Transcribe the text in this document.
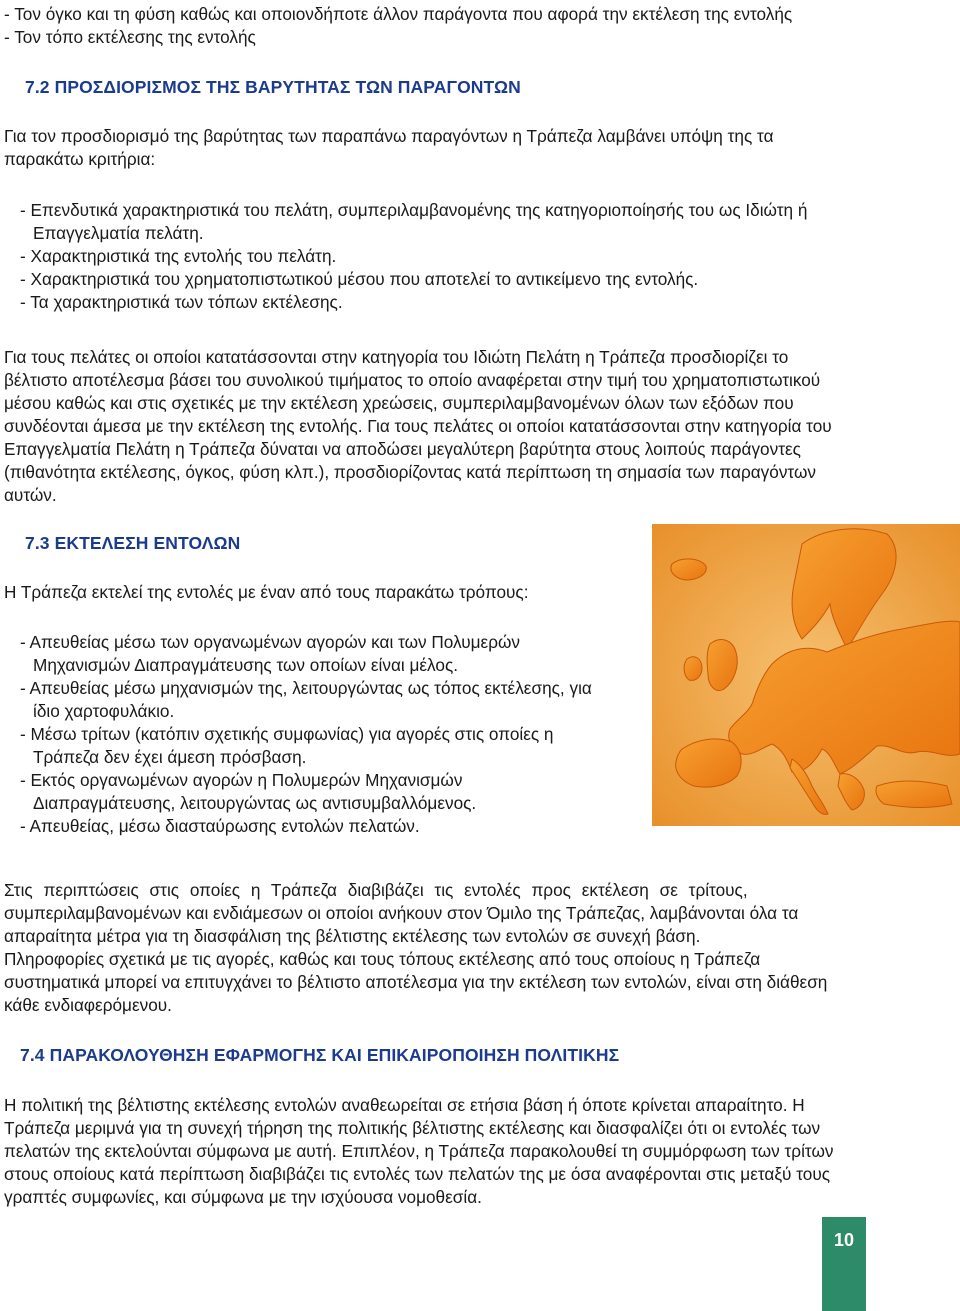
- Τον όγκο και τη φύση καθώς και οποιονδήποτε άλλον παράγοντα που αφορά την εκτέλεση της εντολής
- Τον τόπο εκτέλεσης της εντολής
7.2 ΠΡΟΣΔΙΟΡΙΣΜΟΣ ΤΗΣ ΒΑΡΥΤΗΤΑΣ ΤΩΝ ΠΑΡΑΓΟΝΤΩΝ
Για τον προσδιορισμό της βαρύτητας των παραπάνω παραγόντων η Τράπεζα λαμβάνει υπόψη της τα
παρακάτω κριτήρια:
- Επενδυτικά χαρακτηριστικά του πελάτη, συμπεριλαμβανομένης της κατηγοριοποίησής του ως Ιδιώτη ή
Επαγγελματία πελάτη.
- Χαρακτηριστικά της εντολής του πελάτη.
- Χαρακτηριστικά του χρηματοπιστωτικού μέσου που αποτελεί το αντικείμενο της εντολής.
- Τα χαρακτηριστικά των τόπων εκτέλεσης.
Για τους πελάτες οι οποίοι κατατάσσονται στην κατηγορία του Ιδιώτη Πελάτη η Τράπεζα προσδιορίζει το
βέλτιστο αποτέλεσμα βάσει του συνολικού τιμήματος το οποίο αναφέρεται στην τιμή του χρηματοπιστωτικού
μέσου καθώς και στις σχετικές με την εκτέλεση χρεώσεις, συμπεριλαμβανομένων όλων των εξόδων που
συνδέονται άμεσα με την εκτέλεση της εντολής. Για τους πελάτες οι οποίοι κατατάσσονται στην κατηγορία του
Επαγγελματία Πελάτη η Τράπεζα δύναται να αποδώσει μεγαλύτερη βαρύτητα στους λοιπούς παράγοντες
(πιθανότητα εκτέλεσης, όγκος, φύση κλπ.), προσδιορίζοντας κατά περίπτωση τη σημασία των παραγόντων
αυτών.
7.3 ΕΚΤΕΛΕΣΗ ΕΝΤΟΛΩΝ
Η Τράπεζα εκτελεί της εντολές με έναν από τους παρακάτω τρόπους:
- Απευθείας μέσω των οργανωμένων αγορών και των Πολυμερών
Μηχανισμών Διαπραγμάτευσης των οποίων είναι μέλος.
- Απευθείας μέσω μηχανισμών της, λειτουργώντας ως τόπος εκτέλεσης, για
ίδιο χαρτοφυλάκιο.
- Μέσω τρίτων (κατόπιν σχετικής συμφωνίας) για αγορές στις οποίες η
Τράπεζα δεν έχει άμεση πρόσβαση.
- Εκτός οργανωμένων αγορών η Πολυμερών Μηχανισμών
Διαπραγμάτευσης, λειτουργώντας ως αντισυμβαλλόμενος.
- Απευθείας, μέσω διασταύρωσης εντολών πελατών.
Στις περιπτώσεις στις οποίες η Τράπεζα διαβιβάζει τις εντολές προς εκτέλεση σε τρίτους,
συμπεριλαμβανομένων και ενδιάμεσων οι οποίοι ανήκουν στον Όμιλο της Τράπεζας, λαμβάνονται όλα τα
απαραίτητα μέτρα για τη διασφάλιση της βέλτιστης εκτέλεσης των εντολών σε συνεχή βάση.
Πληροφορίες σχετικά με τις αγορές, καθώς και τους τόπους εκτέλεσης από τους οποίους η Τράπεζα
συστηματικά μπορεί να επιτυγχάνει το βέλτιστο αποτέλεσμα για την εκτέλεση των εντολών, είναι στη διάθεση
κάθε ενδιαφερόμενου.
7.4 ΠΑΡΑΚΟΛΟΥΘΗΣΗ ΕΦΑΡΜΟΓΗΣ ΚΑΙ ΕΠΙΚΑΙΡΟΠΟΙΗΣΗ ΠΟΛΙΤΙΚΗΣ
Η πολιτική της βέλτιστης εκτέλεσης εντολών αναθεωρείται σε ετήσια βάση ή όποτε κρίνεται απαραίτητο. Η
Τράπεζα μεριμνά για τη συνεχή τήρηση της πολιτικής βέλτιστης εκτέλεσης και διασφαλίζει ότι οι εντολές των
πελατών της εκτελούνται σύμφωνα με αυτή. Επιπλέον, η Τράπεζα παρακολουθεί τη συμμόρφωση των τρίτων
στους οποίους κατά περίπτωση διαβιβάζει τις εντολές των πελατών της με όσα αναφέρονται στις μεταξύ τους
γραπτές συμφωνίες, και σύμφωνα με την ισχύουσα νομοθεσία.
10
